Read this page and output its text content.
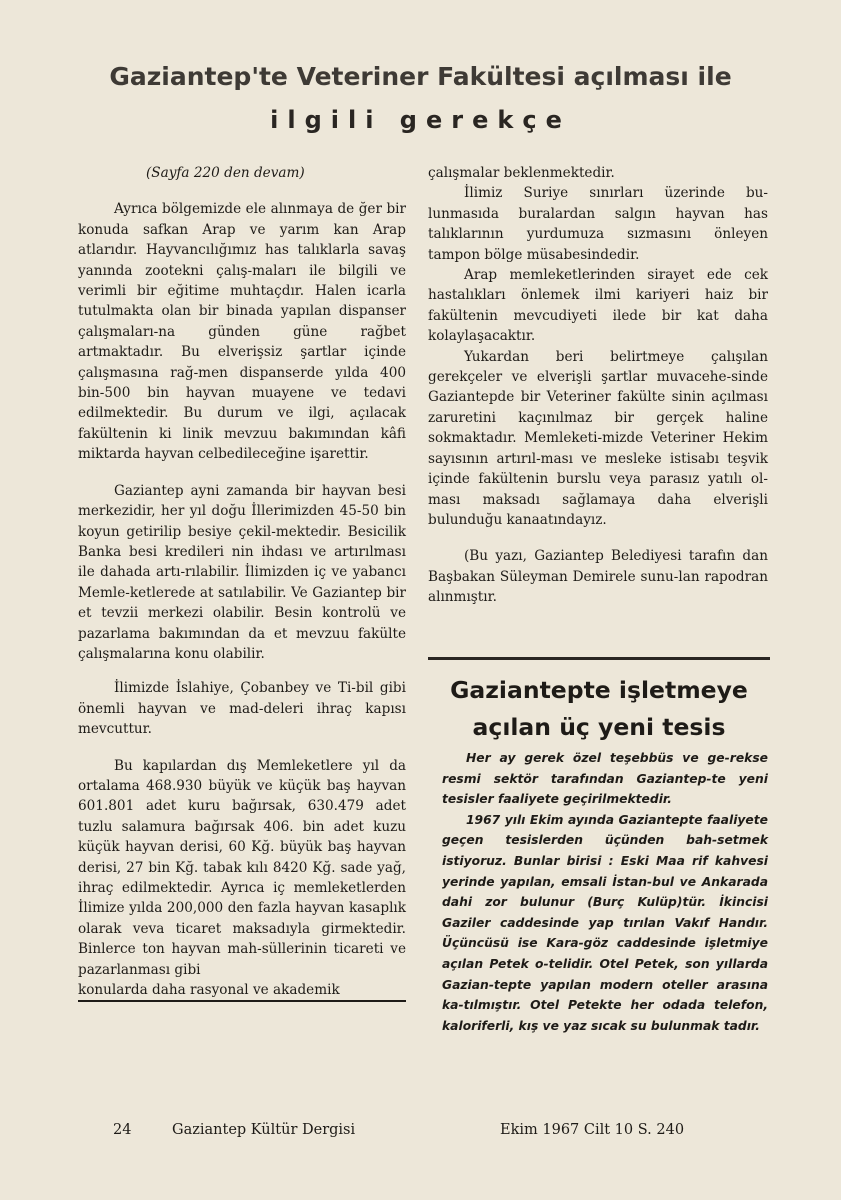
Gaziantep'te Veteriner Fakültesi açılması ile
ilgili gerekçe

(Sayfa 220 den devam)

Ayrıca bölgemizde ele alınmaya de ğer bir konuda safkan Arap ve yarım kan Arap atlarıdır. Hayvancılığımız has talıklarla savaş yanında zootekni çalış-maları ile bilgili ve verimli bir eğitime muhtaçdır. Halen icarla tutulmakta olan bir binada yapılan dispanser çalışmaları-na günden güne rağbet artmaktadır. Bu elverişsiz şartlar içinde çalışmasına rağ-men dispanserde yılda 400 bin-500 bin hayvan muayene ve tedavi edilmektedir. Bu durum ve ilgi, açılacak fakültenin ki linik mevzuu bakımından kâfi miktarda hayvan celbedileceğine işarettir.

Gaziantep ayni zamanda bir hayvan besi merkezidir, her yıl doğu İllerimizden 45-50 bin koyun getirilip besiye çekil-mektedir. Besicilik Banka besi kredileri nin ihdası ve artırılması ile dahada artı-rılabilir. İlimizden iç ve yabancı Memle-ketlerede at satılabilir. Ve Gaziantep bir et tevzii merkezi olabilir. Besin kontrolü ve pazarlama bakımından da et mevzuu fakülte çalışmalarına konu olabilir.

İlimizde İslahiye, Çobanbey ve Ti-bil gibi önemli hayvan ve mad-deleri ihraç kapısı mevcuttur.

Bu kapılardan dış Memleketlere yıl da ortalama 468.930 büyük ve küçük baş hayvan 601.801 adet kuru bağırsak, 630.479 adet tuzlu salamura bağırsak 406. bin adet kuzu küçük hayvan derisi, 60 Kğ. büyük baş hayvan derisi, 27 bin Kğ. tabak kılı 8420 Kğ. sade yağ, ihraç edilmektedir. Ayrıca iç memleketlerden İlimize yılda 200,000 den fazla hayvan kasaplık olarak veva ticaret maksadıyla girmektedir. Binlerce ton hayvan mah-süllerinin ticareti ve pazarlanması gibi

konularda daha rasyonal ve akademik

çalışmalar beklenmektedir.

İlimiz Suriye sınırları üzerinde bu-lunmasıda buralardan salgın hayvan has talıklarının yurdumuza sızmasını önleyen tampon bölge müsabesindedir.

Arap memleketlerinden sirayet ede cek hastalıkları önlemek ilmi kariyeri haiz bir fakültenin mevcudiyeti ilede bir kat daha kolaylaşacaktır.

Yukardan beri belirtmeye çalışılan gerekçeler ve elverişli şartlar muvacehe-sinde Gaziantepde bir Veteriner fakülte sinin açılması zaruretini kaçınılmaz bir gerçek haline sokmaktadır. Memleketi-mizde Veteriner Hekim sayısının artırıl-ması ve mesleke istisabı teşvik içinde fakültenin burslu veya parasız yatılı ol-ması maksadı sağlamaya daha elverişli bulunduğu kanaatındayız.

(Bu yazı, Gaziantep Belediyesi tarafın dan Başbakan Süleyman Demirele sunu-lan rapodran alınmıştır.

Gaziantepte işletmeye
açılan üç yeni tesis

Her ay gerek özel teşebbüs ve ge-rekse resmi sektör tarafından Gaziantep-te yeni tesisler faaliyete geçirilmektedir.

1967 yılı Ekim ayında Gaziantepte faaliyete geçen tesislerden üçünden bah-setmek istiyoruz. Bunlar birisi : Eski Maa rif kahvesi yerinde yapılan, emsali İstan-bul ve Ankarada dahi zor bulunur (Burç Kulüp)tür. İkincisi Gaziler caddesinde yap tırılan Vakıf Handır. Üçüncüsü ise Kara-göz caddesinde işletmiye açılan Petek o-telidir. Otel Petek, son yıllarda Gazian-tepte yapılan modern oteller arasına ka-tılmıştır. Otel Petekte her odada telefon, kaloriferli, kış ve yaz sıcak su bulunmak tadır.

24	Gaziantep Kültür Dergisi	Ekim 1967 Cilt 10 S. 240
